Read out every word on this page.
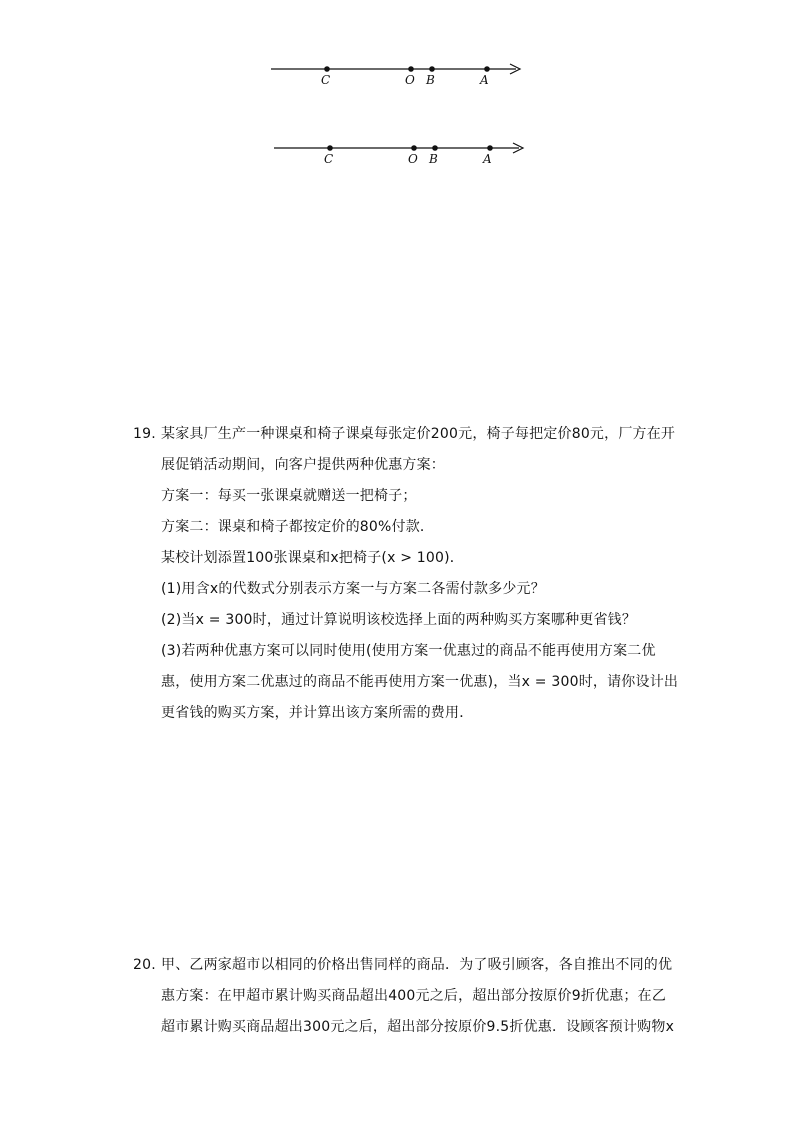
C	O B	A
C	O B	A
19. 某家具厂生产一种课桌和椅子课桌每张定价200元，椅子每把定价80元，厂方在开
展促销活动期间，向客户提供两种优惠方案：
方案一：每买一张课桌就赠送一把椅子；
方案二：课桌和椅子都按定价的80%付款．
某校计划添置100张课桌和x把椅子(x > 100)．
(1)用含x的代数式分别表示方案一与方案二各需付款多少元？
(2)当x = 300时，通过计算说明该校选择上面的两种购买方案哪种更省钱？
(3)若两种优惠方案可以同时使用(使用方案一优惠过的商品不能再使用方案二优
惠，使用方案二优惠过的商品不能再使用方案一优惠)，当x = 300时，请你设计出
更省钱的购买方案，并计算出该方案所需的费用．
20. 甲、乙两家超市以相同的价格出售同样的商品．为了吸引顾客，各自推出不同的优
惠方案：在甲超市累计购买商品超出400元之后，超出部分按原价9折优惠；在乙
超市累计购买商品超出300元之后，超出部分按原价9.5折优惠．设顾客预计购物x
